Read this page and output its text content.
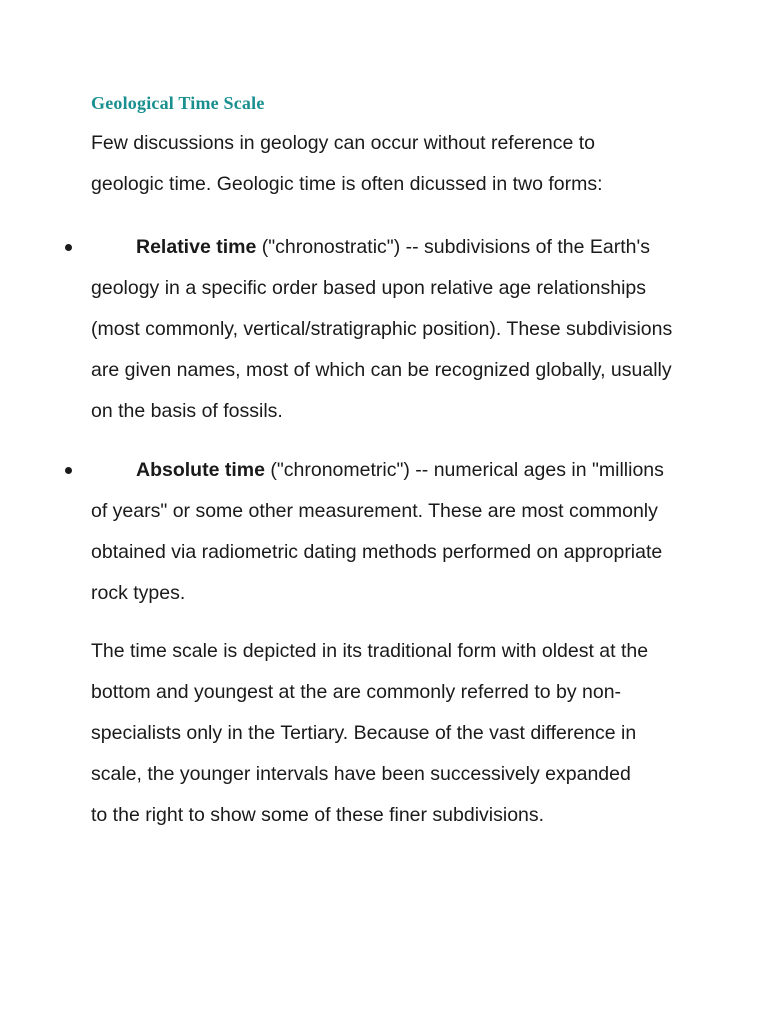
Geological Time Scale

Few discussions in geology can occur without reference to geologic time. Geologic time is often dicussed in two forms:

Relative time ("chronostratic") -- subdivisions of the Earth's geology in a specific order based upon relative age relationships (most commonly, vertical/stratigraphic position). These subdivisions are given names, most of which can be recognized globally, usually on the basis of fossils.
Absolute time ("chronometric") -- numerical ages in "millions of years" or some other measurement. These are most commonly obtained via radiometric dating methods performed on appropriate rock types.

The time scale is depicted in its traditional form with oldest at the bottom and youngest at the are commonly referred to by non-specialists only in the Tertiary. Because of the vast difference in scale, the younger intervals have been successively expanded to the right to show some of these finer subdivisions.
